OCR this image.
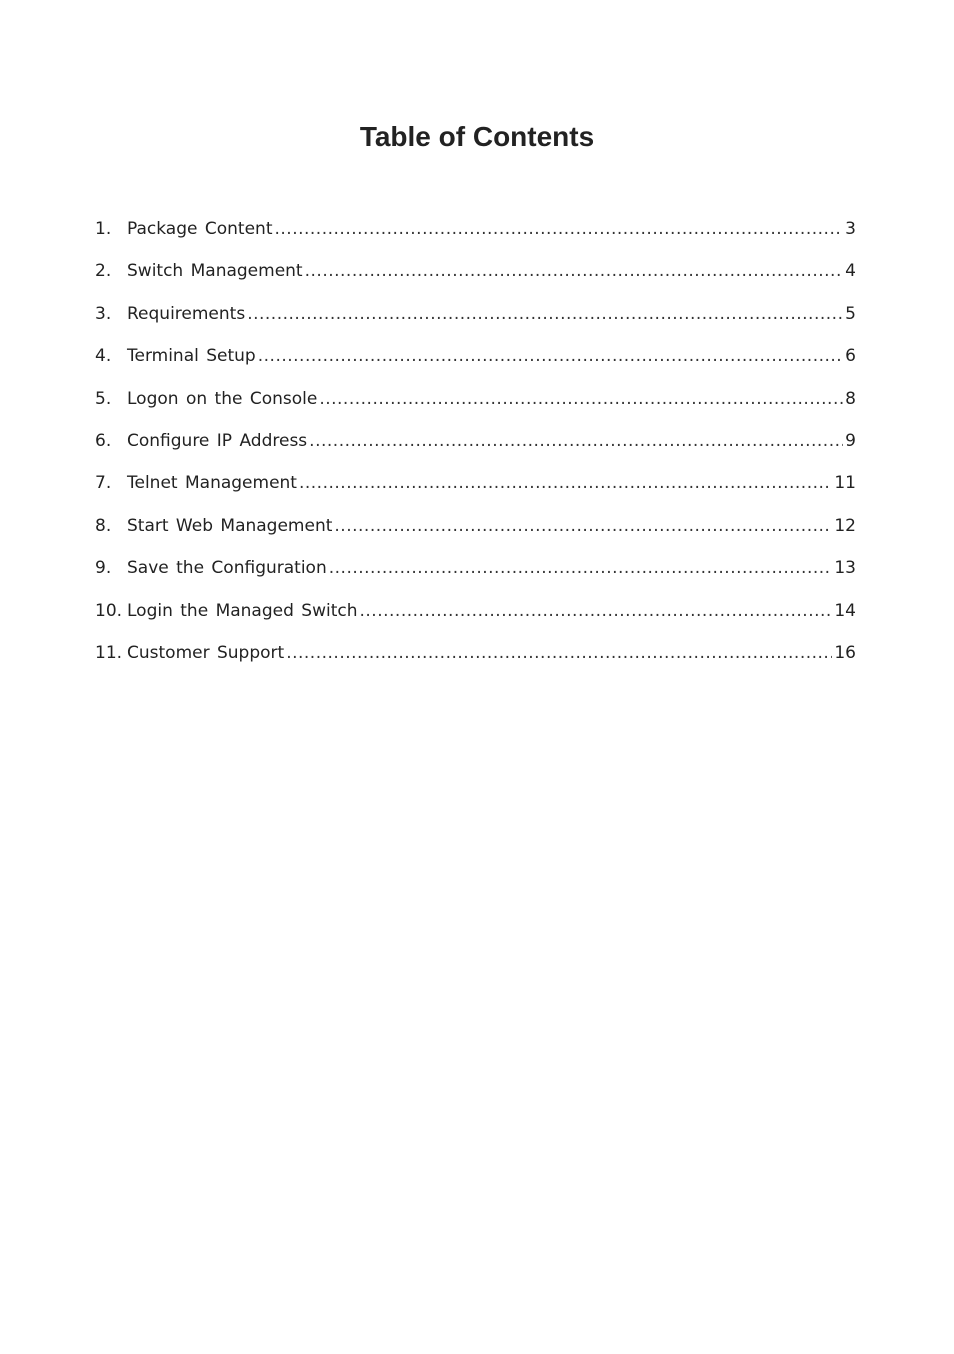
Table of Contents
1. Package Content .....	3
2. Switch Management .....	4
3. Requirements .....	5
4. Terminal Setup .....	6
5. Logon on the Console .....	8
6. Configure IP Address .....	9
7. Telnet Management .....	11
8. Start Web Management .....	12
9. Save the Configuration .....	13
10. Login the Managed Switch .....	14
11. Customer Support .....	16
